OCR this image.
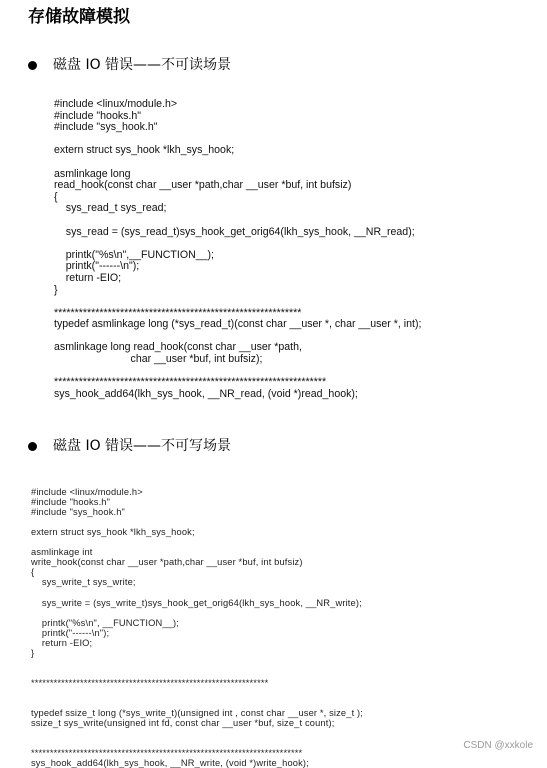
存储故障模拟
磁盘 IO 错误——不可读场景
#include <linux/module.h>
#include "hooks.h"
#include "sys_hook.h"
extern struct sys_hook *lkh_sys_hook;
asmlinkage long
read_hook(const char __user *path,char __user *buf, int bufsiz)
{
sys_read_t sys_read;
sys_read = (sys_read_t)sys_hook_get_orig64(lkh_sys_hook, __NR_read);
printk("%s\n",__FUNCTION__);
printk("------\n");
return -EIO;
}
************************************************************
typedef asmlinkage long (*sys_read_t)(const char __user *, char __user *, int);
asmlinkage long read_hook(const char __user *path,
char __user *buf, int bufsiz);
******************************************************************
sys_hook_add64(lkh_sys_hook, __NR_read, (void *)read_hook);
磁盘 IO 错误——不可写场景
#include <linux/module.h>
#include "hooks.h"
#include "sys_hook.h"
extern struct sys_hook *lkh_sys_hook;
asmlinkage int
write_hook(const char __user *path,char __user *buf, int bufsiz)
{
sys_write_t sys_write;
sys_write = (sys_write_t)sys_hook_get_orig64(lkh_sys_hook, __NR_write);
printk("%s\n", __FUNCTION__);
printk("------\n");
return -EIO;
}
***************************************************************
typedef ssize_t long (*sys_write_t)(unsigned int , const char __user *, size_t );
ssize_t sys_write(unsigned int fd, const char __user *buf, size_t count);
************************************************************************
sys_hook_add64(lkh_sys_hook, __NR_write, (void *)write_hook);
CSDN @xxkole
